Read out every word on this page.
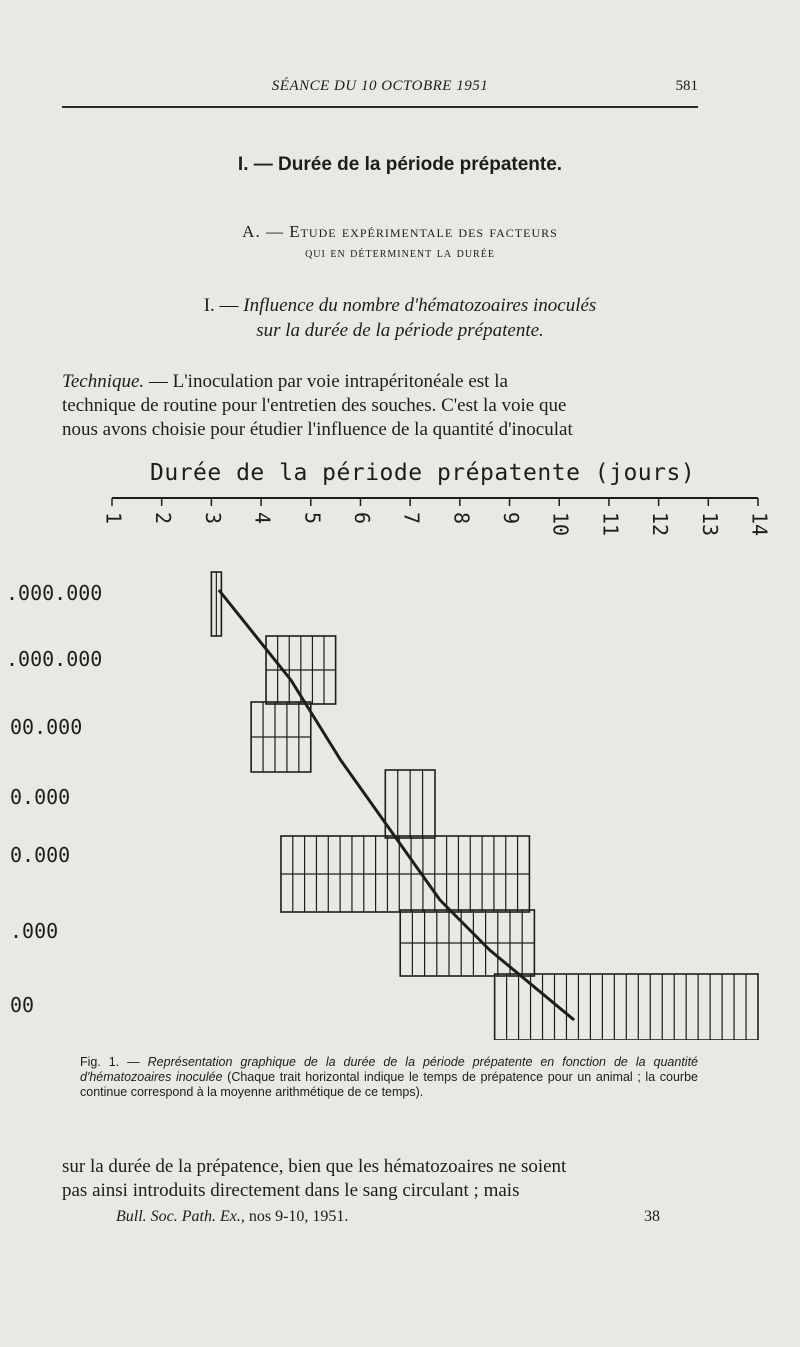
SÉANCE DU 10 OCTOBRE 1951	581
I. — Durée de la période prépatente.
A. — Etude expérimentale des facteurs
qui en déterminent la durée
I. — Influence du nombre d'hématozoaires inoculés
sur la durée de la période prépatente.
Technique. — L'inoculation par voie intrapéritonéale est la
technique de routine pour l'entretien des souches. C'est la voie que
nous avons choisie pour étudier l'influence de la quantité d'inoculat
Durée de la période prépatente (jours)
1 2 3 4 5 6 7 8 9 10 11 12 13 14
.000.000
.000.000
00.000
0.000
0.000
.000
00
Fig. 1. — Représentation graphique de la durée de la période prépatente en fonction de la quantité d'hématozoaires inoculée (Chaque trait horizontal indique le temps de prépatence pour un animal ; la courbe continue correspond à la moyenne arithmétique de ce temps).
sur la durée de la prépatence, bien que les hématozoaires ne soient
pas ainsi introduits directement dans le sang circulant ; mais
Bull. Soc. Path. Ex., nos 9-10, 1951.	38
